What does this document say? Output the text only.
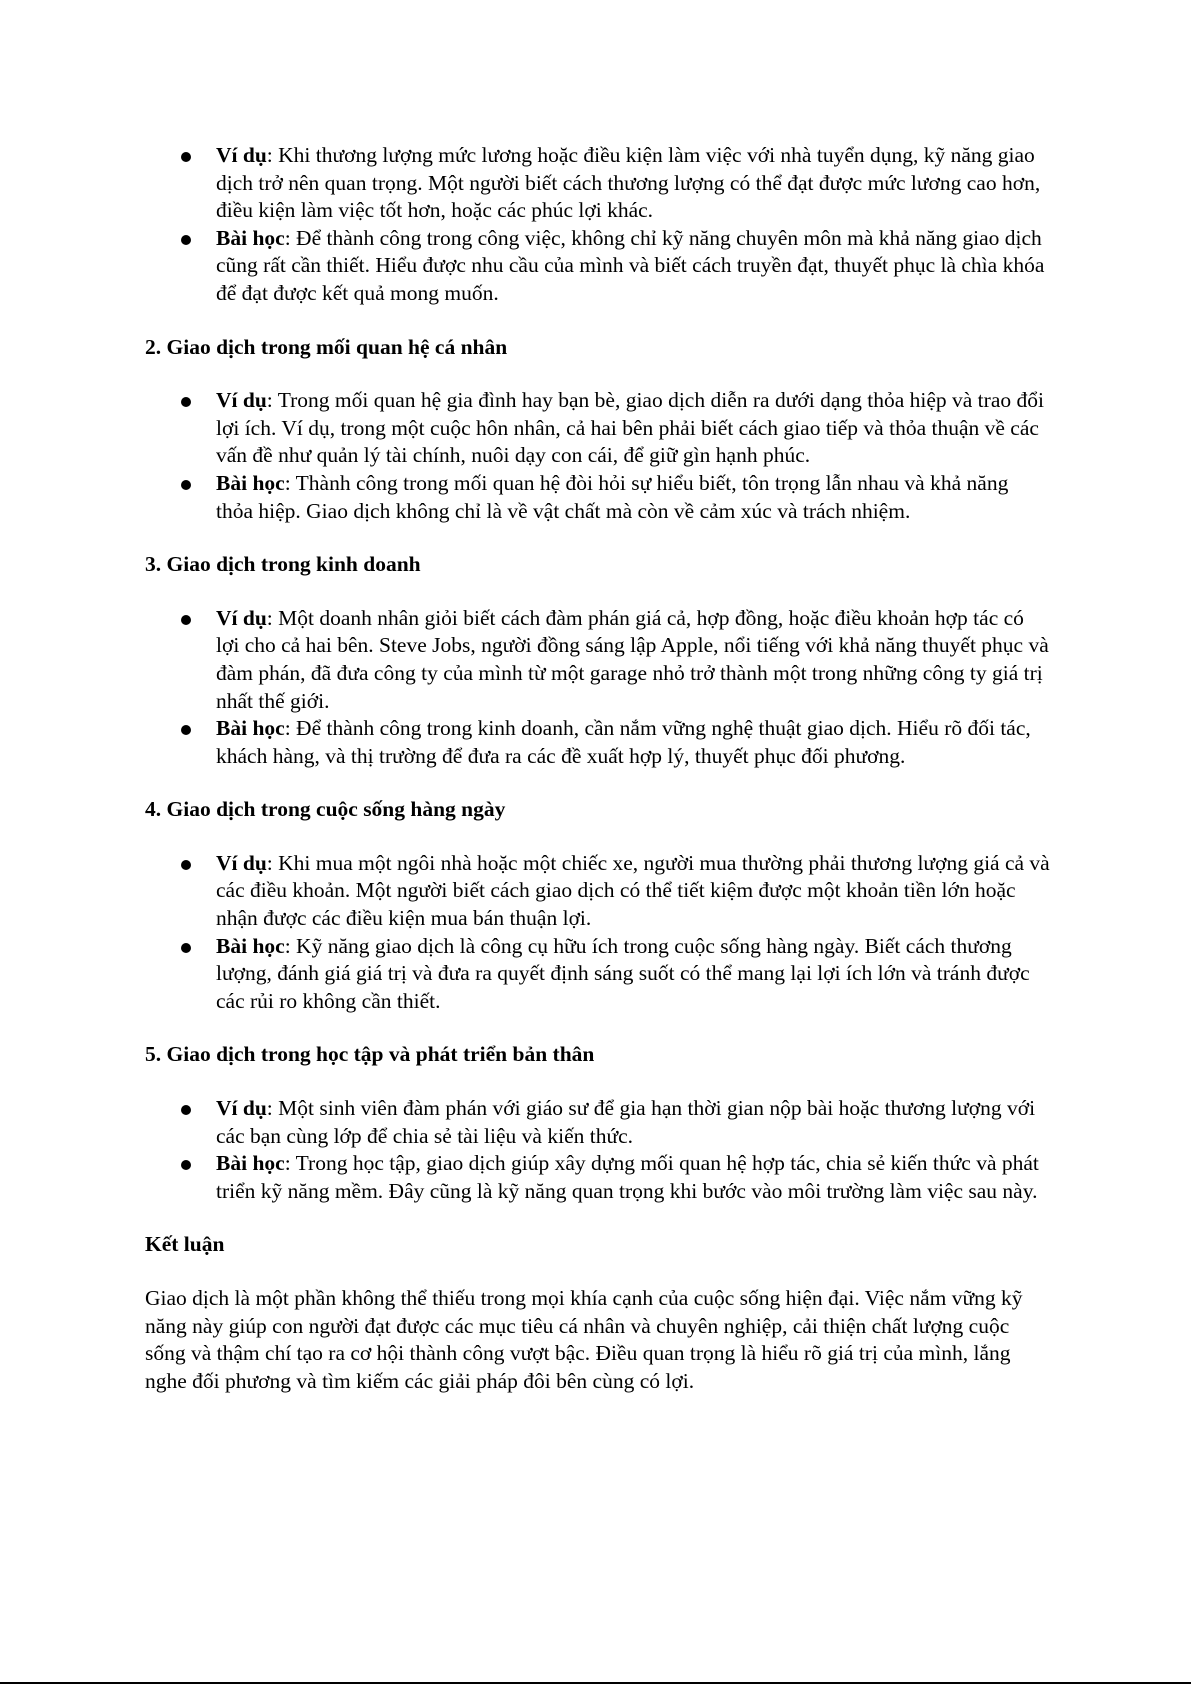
Ví dụ: Khi thương lượng mức lương hoặc điều kiện làm việc với nhà tuyển dụng, kỹ năng giao dịch trở nên quan trọng. Một người biết cách thương lượng có thể đạt được mức lương cao hơn, điều kiện làm việc tốt hơn, hoặc các phúc lợi khác.
Bài học: Để thành công trong công việc, không chỉ kỹ năng chuyên môn mà khả năng giao dịch cũng rất cần thiết. Hiểu được nhu cầu của mình và biết cách truyền đạt, thuyết phục là chìa khóa để đạt được kết quả mong muốn.
2. Giao dịch trong mối quan hệ cá nhân
Ví dụ: Trong mối quan hệ gia đình hay bạn bè, giao dịch diễn ra dưới dạng thỏa hiệp và trao đổi lợi ích. Ví dụ, trong một cuộc hôn nhân, cả hai bên phải biết cách giao tiếp và thỏa thuận về các vấn đề như quản lý tài chính, nuôi dạy con cái, để giữ gìn hạnh phúc.
Bài học: Thành công trong mối quan hệ đòi hỏi sự hiểu biết, tôn trọng lẫn nhau và khả năng thỏa hiệp. Giao dịch không chỉ là về vật chất mà còn về cảm xúc và trách nhiệm.
3. Giao dịch trong kinh doanh
Ví dụ: Một doanh nhân giỏi biết cách đàm phán giá cả, hợp đồng, hoặc điều khoản hợp tác có lợi cho cả hai bên. Steve Jobs, người đồng sáng lập Apple, nổi tiếng với khả năng thuyết phục và đàm phán, đã đưa công ty của mình từ một garage nhỏ trở thành một trong những công ty giá trị nhất thế giới.
Bài học: Để thành công trong kinh doanh, cần nắm vững nghệ thuật giao dịch. Hiểu rõ đối tác, khách hàng, và thị trường để đưa ra các đề xuất hợp lý, thuyết phục đối phương.
4. Giao dịch trong cuộc sống hàng ngày
Ví dụ: Khi mua một ngôi nhà hoặc một chiếc xe, người mua thường phải thương lượng giá cả và các điều khoản. Một người biết cách giao dịch có thể tiết kiệm được một khoản tiền lớn hoặc nhận được các điều kiện mua bán thuận lợi.
Bài học: Kỹ năng giao dịch là công cụ hữu ích trong cuộc sống hàng ngày. Biết cách thương lượng, đánh giá giá trị và đưa ra quyết định sáng suốt có thể mang lại lợi ích lớn và tránh được các rủi ro không cần thiết.
5. Giao dịch trong học tập và phát triển bản thân
Ví dụ: Một sinh viên đàm phán với giáo sư để gia hạn thời gian nộp bài hoặc thương lượng với các bạn cùng lớp để chia sẻ tài liệu và kiến thức.
Bài học: Trong học tập, giao dịch giúp xây dựng mối quan hệ hợp tác, chia sẻ kiến thức và phát triển kỹ năng mềm. Đây cũng là kỹ năng quan trọng khi bước vào môi trường làm việc sau này.
Kết luận

Giao dịch là một phần không thể thiếu trong mọi khía cạnh của cuộc sống hiện đại. Việc nắm vững kỹ năng này giúp con người đạt được các mục tiêu cá nhân và chuyên nghiệp, cải thiện chất lượng cuộc sống và thậm chí tạo ra cơ hội thành công vượt bậc. Điều quan trọng là hiểu rõ giá trị của mình, lắng nghe đối phương và tìm kiếm các giải pháp đôi bên cùng có lợi.
